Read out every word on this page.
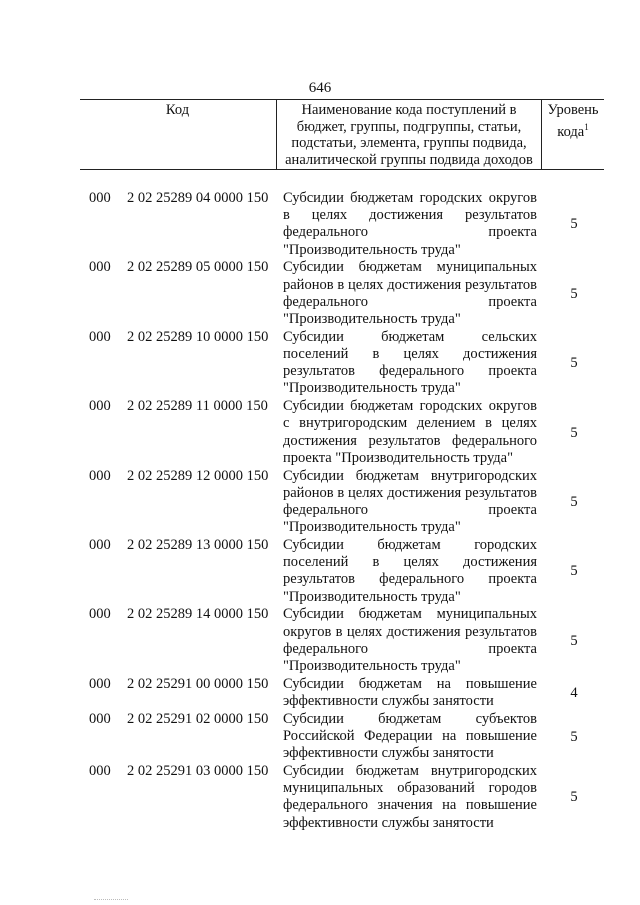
646
Код	Наименование кода поступлений в
бюджет, группы, подгруппы, статьи,
подстатьи, элемента, группы подвида,
аналитической группы подвида доходов
Уровень
кода$^1$
000	2 02 25289 04 0000 150	Субсидии бюджетам городских округов
в целях достижения результатов
федерального проекта
"Производительность труда"
5
000	2 02 25289 05 0000 150	Субсидии бюджетам муниципальных
районов в целях достижения результатов
федерального проекта
"Производительность труда"
5
000	2 02 25289 10 0000 150	Субсидии бюджетам сельских
поселений в целях достижения
результатов федерального проекта
"Производительность труда"
5
000	2 02 25289 11 0000 150	Субсидии бюджетам городских округов
с внутригородским делением в целях
достижения результатов федерального
проекта "Производительность труда"
5
000	2 02 25289 12 0000 150	Субсидии бюджетам внутригородских
районов в целях достижения результатов
федерального проекта
"Производительность труда"
5
000	2 02 25289 13 0000 150	Субсидии бюджетам городских
поселений в целях достижения
результатов федерального проекта
"Производительность труда"
5
000	2 02 25289 14 0000 150	Субсидии бюджетам муниципальных
округов в целях достижения результатов
федерального проекта
"Производительность труда"
5
000	2 02 25291 00 0000 150	Субсидии бюджетам на повышение
эффективности службы занятости	4
000	2 02 25291 02 0000 150	Субсидии бюджетам субъектов
Российской Федерации на повышение
эффективности службы занятости
5
000	2 02 25291 03 0000 150	Субсидии бюджетам внутригородских
муниципальных образований городов
федерального значения на повышение
эффективности службы занятости
5
